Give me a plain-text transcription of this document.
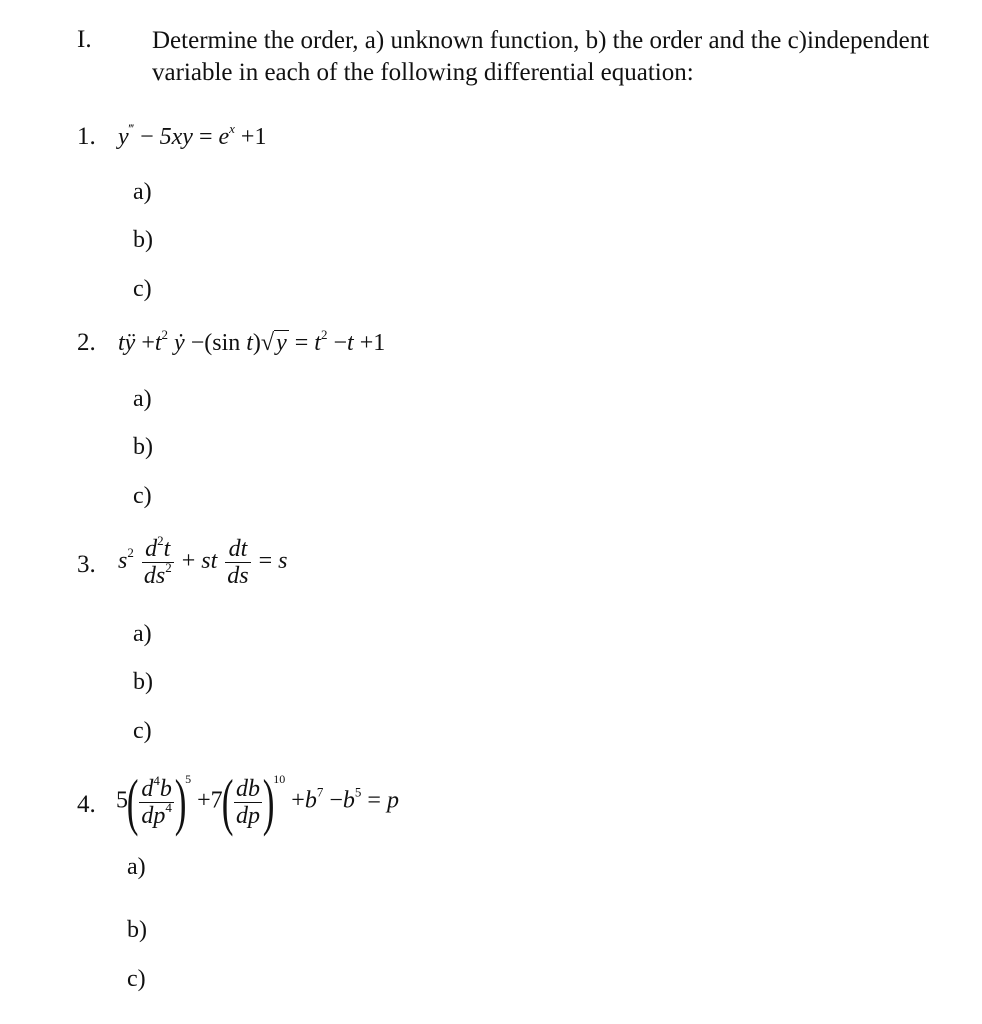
I. Determine the order, a) unknown function, b) the order and the c)independent variable in each of the following differential equation:
1. $y^‴ - 5xy = e^x +1$
a)
b)
c)
2. tÿ $+t^2$ ẏ −(sin $t)√y = t^2 -t +1$
a)
b)
c)
3. $s^2 \frac{d^2t}{ds^2}$ + st $\frac{dt}{ds} = s$
a)
b)
c)
4. $5( \frac{d^4b}{dp^4} )5 +7( \frac{db}{dp} )10 +b^7 -b^5 = p$
a)
b)
c)
